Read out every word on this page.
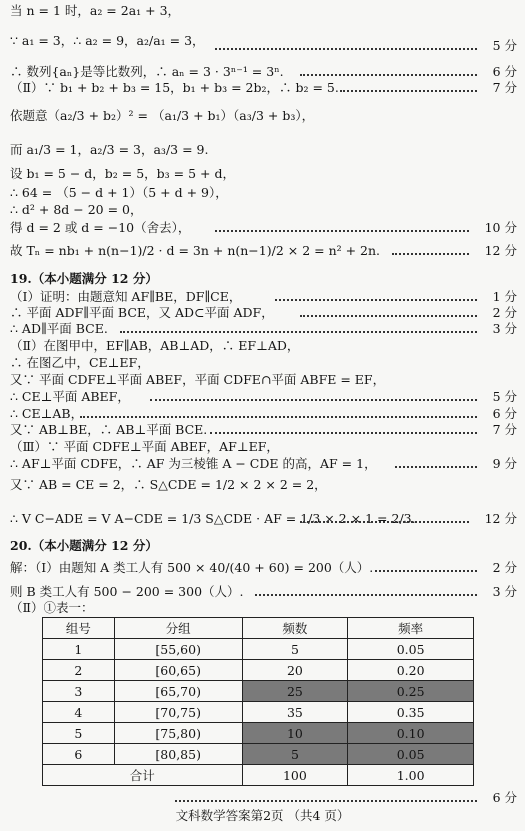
当 n = 1 时，a₂ = 2a₁ + 3，
∵ a₁ = 3，∴ a₂ = 9，a₂/a₁ = 3，
∴ 数列{aₙ}是等比数列，∴ aₙ = 3 · 3ⁿ⁻¹ = 3ⁿ.
（Ⅱ）∵ b₁ + b₂ + b₃ = 15，b₁ + b₃ = 2b₂，∴ b₂ = 5.
依题意（a₂/3 + b₂）² = （a₁/3 + b₁）（a₃/3 + b₃），
而 a₁/3 = 1，a₂/3 = 3，a₃/3 = 9.
设 b₁ = 5 − d，b₂ = 5，b₃ = 5 + d，
∴ 64 = （5 − d + 1）（5 + d + 9），
∴ d² + 8d − 20 = 0，
得 d = 2 或 d = −10（舍去），
故 Tₙ = nb₁ + n(n−1)/2 · d = 3n + n(n−1)/2 × 2 = n² + 2n.
19.（本小题满分 12 分）
（Ⅰ）证明：由题意知 AF∥BE，DF∥CE，
∴ 平面 ADF∥平面 BCE，又 AD⊂平面 ADF，
∴ AD∥平面 BCE.
（Ⅱ）在图甲中，EF∥AB，AB⊥AD，∴ EF⊥AD，
∴ 在图乙中，CE⊥EF，
又∵ 平面 CDFE⊥平面 ABEF，平面 CDFE∩平面 ABFE = EF，
∴ CE⊥平面 ABEF，
∴ CE⊥AB，
又∵ AB⊥BE，∴ AB⊥平面 BCE.
（Ⅲ）∵ 平面 CDFE⊥平面 ABEF，AF⊥EF，
∴ AF⊥平面 CDFE，∴ AF 为三棱锥 A − CDE 的高，AF = 1，
又∵ AB = CE = 2，∴ S△CDE = 1/2 × 2 × 2 = 2，
∴ V C−ADE = V A−CDE = 1/3 S△CDE · AF = 1/3 × 2 × 1 = 2/3.
20.（本小题满分 12 分）
解：（Ⅰ）由题知 A 类工人有 500 × 40/(40 + 60) = 200（人）.
则 B 类工人有 500 − 200 = 300（人）.
（Ⅱ）①表一：
5 分
6 分
7 分
10 分
12 分
1 分
2 分
3 分
5 分
6 分
7 分
9 分
12 分
2 分
3 分
6 分
组号	分组	频数	频率
1	[55,60)	5	0.05
2	[60,65)	20	0.20
3	[65,70)	25	0.25
4	[70,75)	35	0.35
5	[75,80)	10	0.10
6	[80,85)	5	0.05
合计		100	1.00
文科数学答案第2页 （共4 页）
